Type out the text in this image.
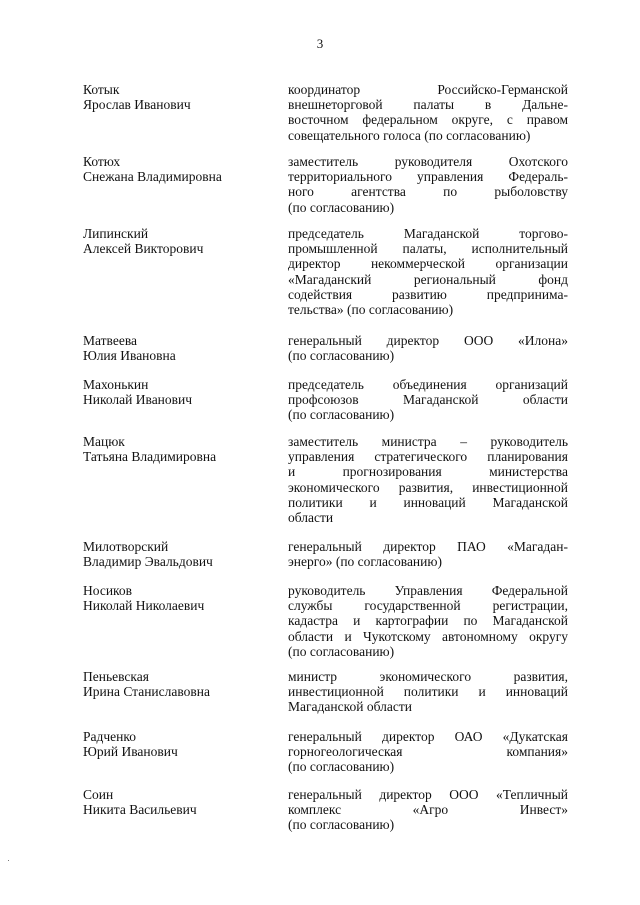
3
Котык
Ярослав Иванович
координатор Российско-Германской
внешнеторговой палаты в Дальне-
восточном федеральном округе, с правом
совещательного голоса (по согласованию)
Котюх
Снежана Владимировна
заместитель руководителя Охотского
территориального управления Федераль-
ного агентства по рыболовству
(по согласованию)
Липинский
Алексей Викторович
председатель Магаданской торгово-
промышленной палаты, исполнительный
директор некоммерческой организации
«Магаданский региональный фонд
содействия развитию предпринима-
тельства» (по согласованию)
Матвеева
Юлия Ивановна
генеральный директор ООО «Илона»
(по согласованию)
Махонькин
Николай Иванович
председатель объединения организаций
профсоюзов Магаданской области
(по согласованию)
Мацюк
Татьяна Владимировна
заместитель министра – руководитель
управления стратегического планирования
и прогнозирования министерства
экономического развития, инвестиционной
политики и инноваций Магаданской
области
Милотворский
Владимир Эвальдович
генеральный директор ПАО «Магадан-
энерго» (по согласованию)
Носиков
Николай Николаевич
руководитель Управления Федеральной
службы государственной регистрации,
кадастра и картографии по Магаданской
области и Чукотскому автономному округу
(по согласованию)
Пеньевская
Ирина Станиславовна
министр экономического развития,
инвестиционной политики и инноваций
Магаданской области
Радченко
Юрий Иванович
генеральный директор ОАО «Дукатская
горногеологическая компания»
(по согласованию)
Соин
Никита Васильевич
генеральный директор ООО «Тепличный
комплекс «Агро Инвест»
(по согласованию)
